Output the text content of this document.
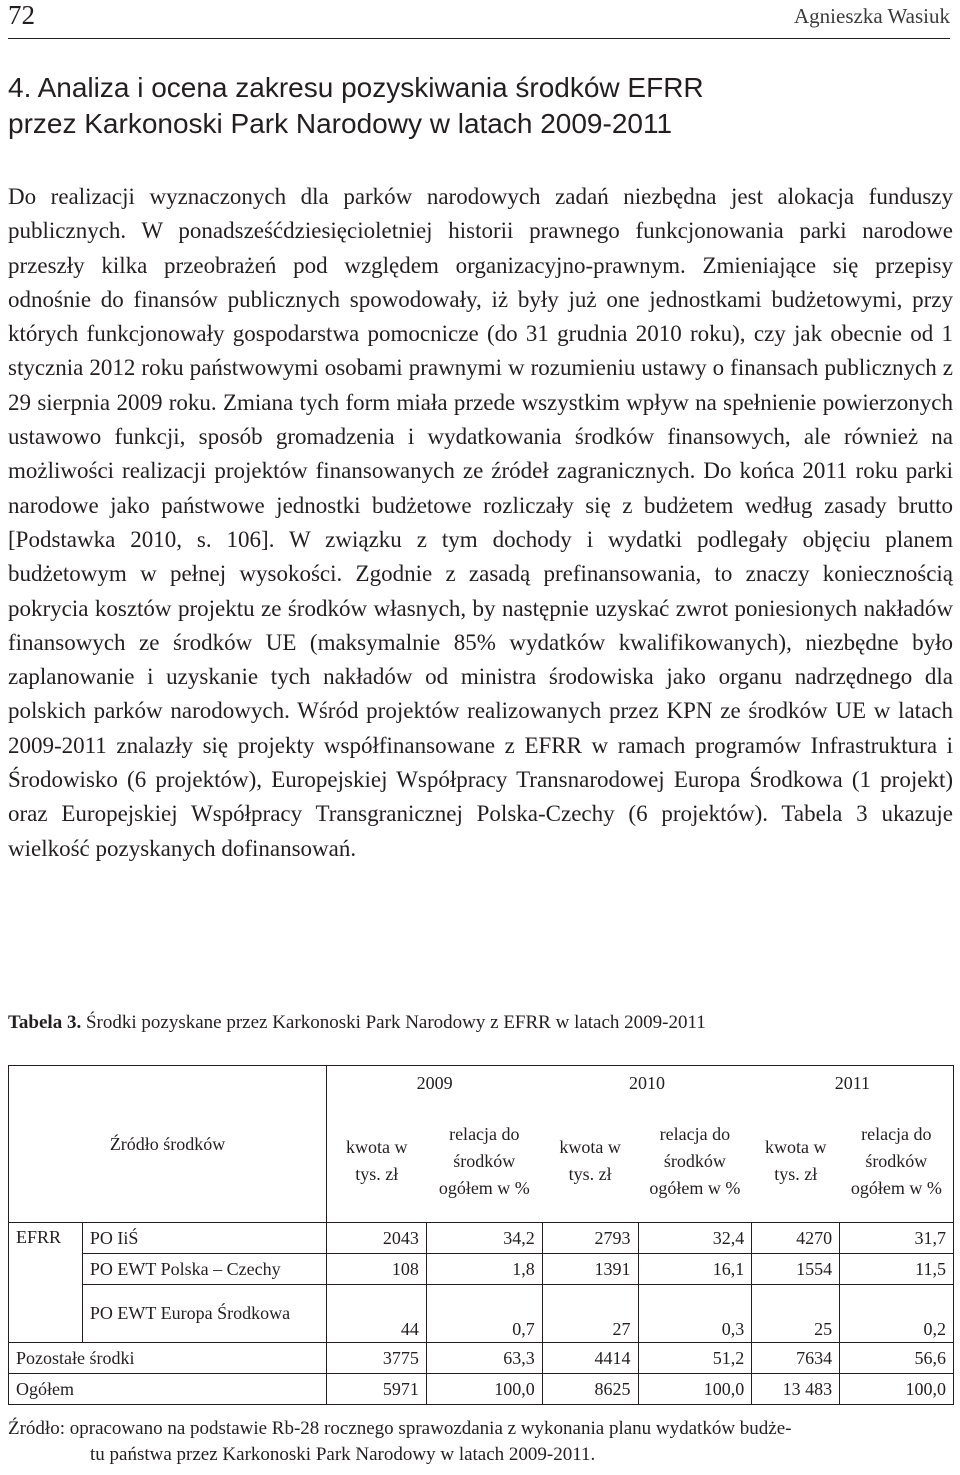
72	Agnieszka Wasiuk
4. Analiza i ocena zakresu pozyskiwania środków EFRR
przez Karkonoski Park Narodowy w latach 2009-2011

Do realizacji wyznaczonych dla parków narodowych zadań niezbędna jest alokacja funduszy publicznych. W ponadsześćdziesięcioletniej historii prawnego funkcjonowania parki narodowe przeszły kilka przeobrażeń pod względem organizacyjno-prawnym. Zmieniające się przepisy odnośnie do finansów publicznych spowodowały, iż były już one jednostkami budżetowymi, przy których funkcjonowały gospodarstwa pomocnicze (do 31 grudnia 2010 roku), czy jak obecnie od 1 stycznia 2012 roku państwowymi osobami prawnymi w rozumieniu ustawy o finansach publicznych z 29 sierpnia 2009 roku. Zmiana tych form miała przede wszystkim wpływ na spełnienie powierzonych ustawowo funkcji, sposób gromadzenia i wydatkowania środków finansowych, ale również na możliwości realizacji projektów finansowanych ze źródeł zagranicznych. Do końca 2011 roku parki narodowe jako państwowe jednostki budżetowe rozliczały się z budżetem według zasady brutto [Podstawka 2010, s. 106]. W związku z tym dochody i wydatki podlegały objęciu planem budżetowym w pełnej wysokości. Zgodnie z zasadą prefinansowania, to znaczy koniecznością pokrycia kosztów projektu ze środków własnych, by następnie uzyskać zwrot poniesionych nakładów finansowych ze środków UE (maksymalnie 85% wydatków kwalifikowanych), niezbędne było zaplanowanie i uzyskanie tych nakładów od ministra środowiska jako organu nadrzędnego dla polskich parków narodowych. Wśród projektów realizowanych przez KPN ze środków UE w latach 2009-2011 znalazły się projekty współfinansowane z EFRR w ramach programów Infrastruktura i Środowisko (6 projektów), Europejskiej Współpracy Transnarodowej Europa Środkowa (1 projekt) oraz Europejskiej Współpracy Transgranicznej Polska-Czechy (6 projektów). Tabela 3 ukazuje wielkość pozyskanych dofinansowań.

Tabela 3. Środki pozyskane przez Karkonoski Park Narodowy z EFRR w latach 2009-2011
Źródło środków		2009		2010		2011	
		kwota w tys. zł	relacja do środków ogółem w %	kwota w tys. zł	relacja do środków ogółem w %	kwota w tys. zł	relacja do środków ogółem w %
EFRR	PO IiŚ	2043	34,2	2793	32,4	4270	31,7
	PO EWT Polska – Czechy	108	1,8	1391	16,1	1554	11,5
	PO EWT Europa Środkowa	44	0,7	27	0,3	25	0,2
Pozostałe środki		3775	63,3	4414	51,2	7634	56,6
Ogółem		5971	100,0	8625	100,0	13 483	100,0
Źródło: opracowano na podstawie Rb-28 rocznego sprawozdania z wykonania planu wydatków budże-
tu państwa przez Karkonoski Park Narodowy w latach 2009-2011.
